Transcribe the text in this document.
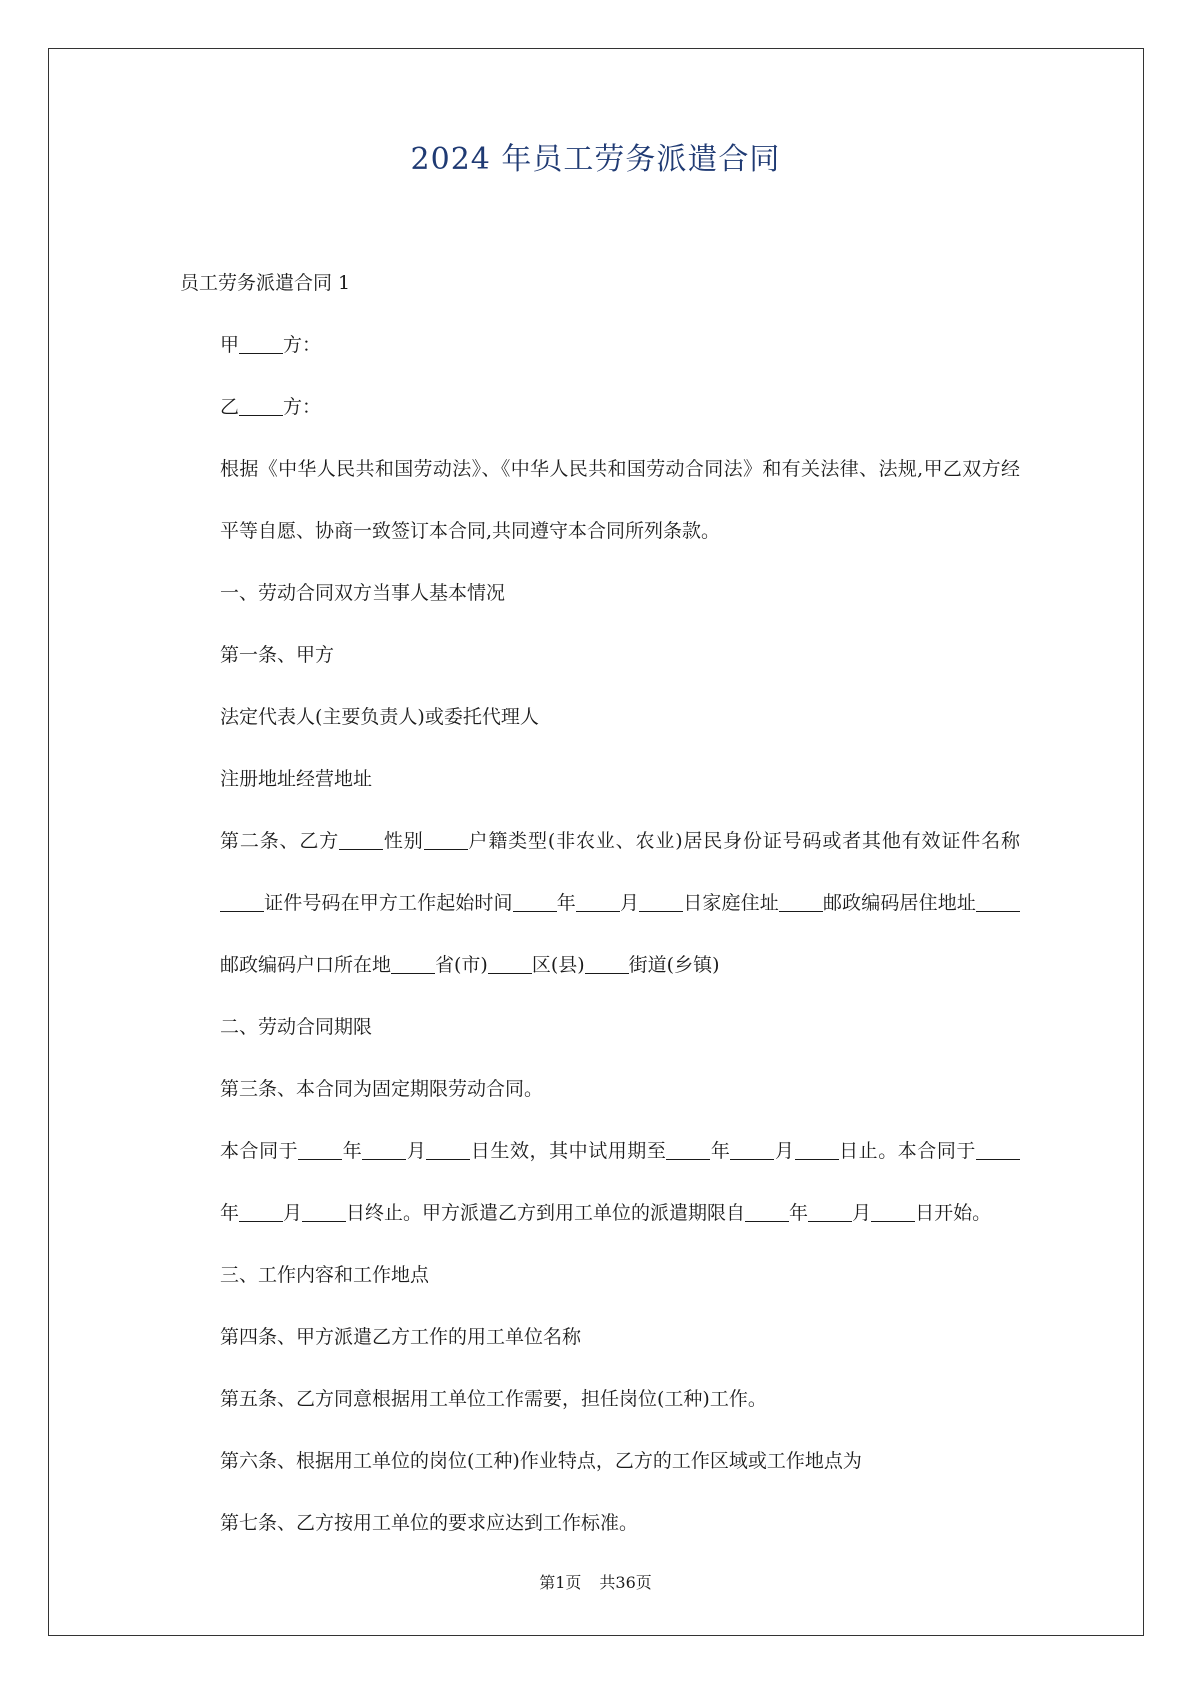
2024 年员工劳务派遣合同

员工劳务派遣合同 1

甲 方：

乙 方：

根据《中华人民共和国劳动法》、《中华人民共和国劳动合同法》和有关法律、法规,甲乙双方经平等自愿、协商一致签订本合同,共同遵守本合同所列条款。

一、劳动合同双方当事人基本情况

第一条、甲方

法定代表人(主要负责人)或委托代理人

注册地址经营地址

第二条、乙方 性别 户籍类型(非农业、农业)居民身份证号码或者其他有效证件名称证件号码在甲方工作起始时间 年 月 日家庭住址 邮政编码居住地址邮政编码户口所在地 省(市) 区(县) 街道(乡镇)

二、劳动合同期限

第三条、本合同为固定期限劳动合同。

本合同于 年 月 日生效，其中试用期至 年 月 日止。本合同于年 月 日终止。甲方派遣乙方到用工单位的派遣期限自 年 月 日开始。

三、工作内容和工作地点

第四条、甲方派遣乙方工作的用工单位名称

第五条、乙方同意根据用工单位工作需要，担任岗位(工种)工作。

第六条、根据用工单位的岗位(工种)作业特点，乙方的工作区域或工作地点为

第七条、乙方按用工单位的要求应达到工作标准。

第1页 共36页
